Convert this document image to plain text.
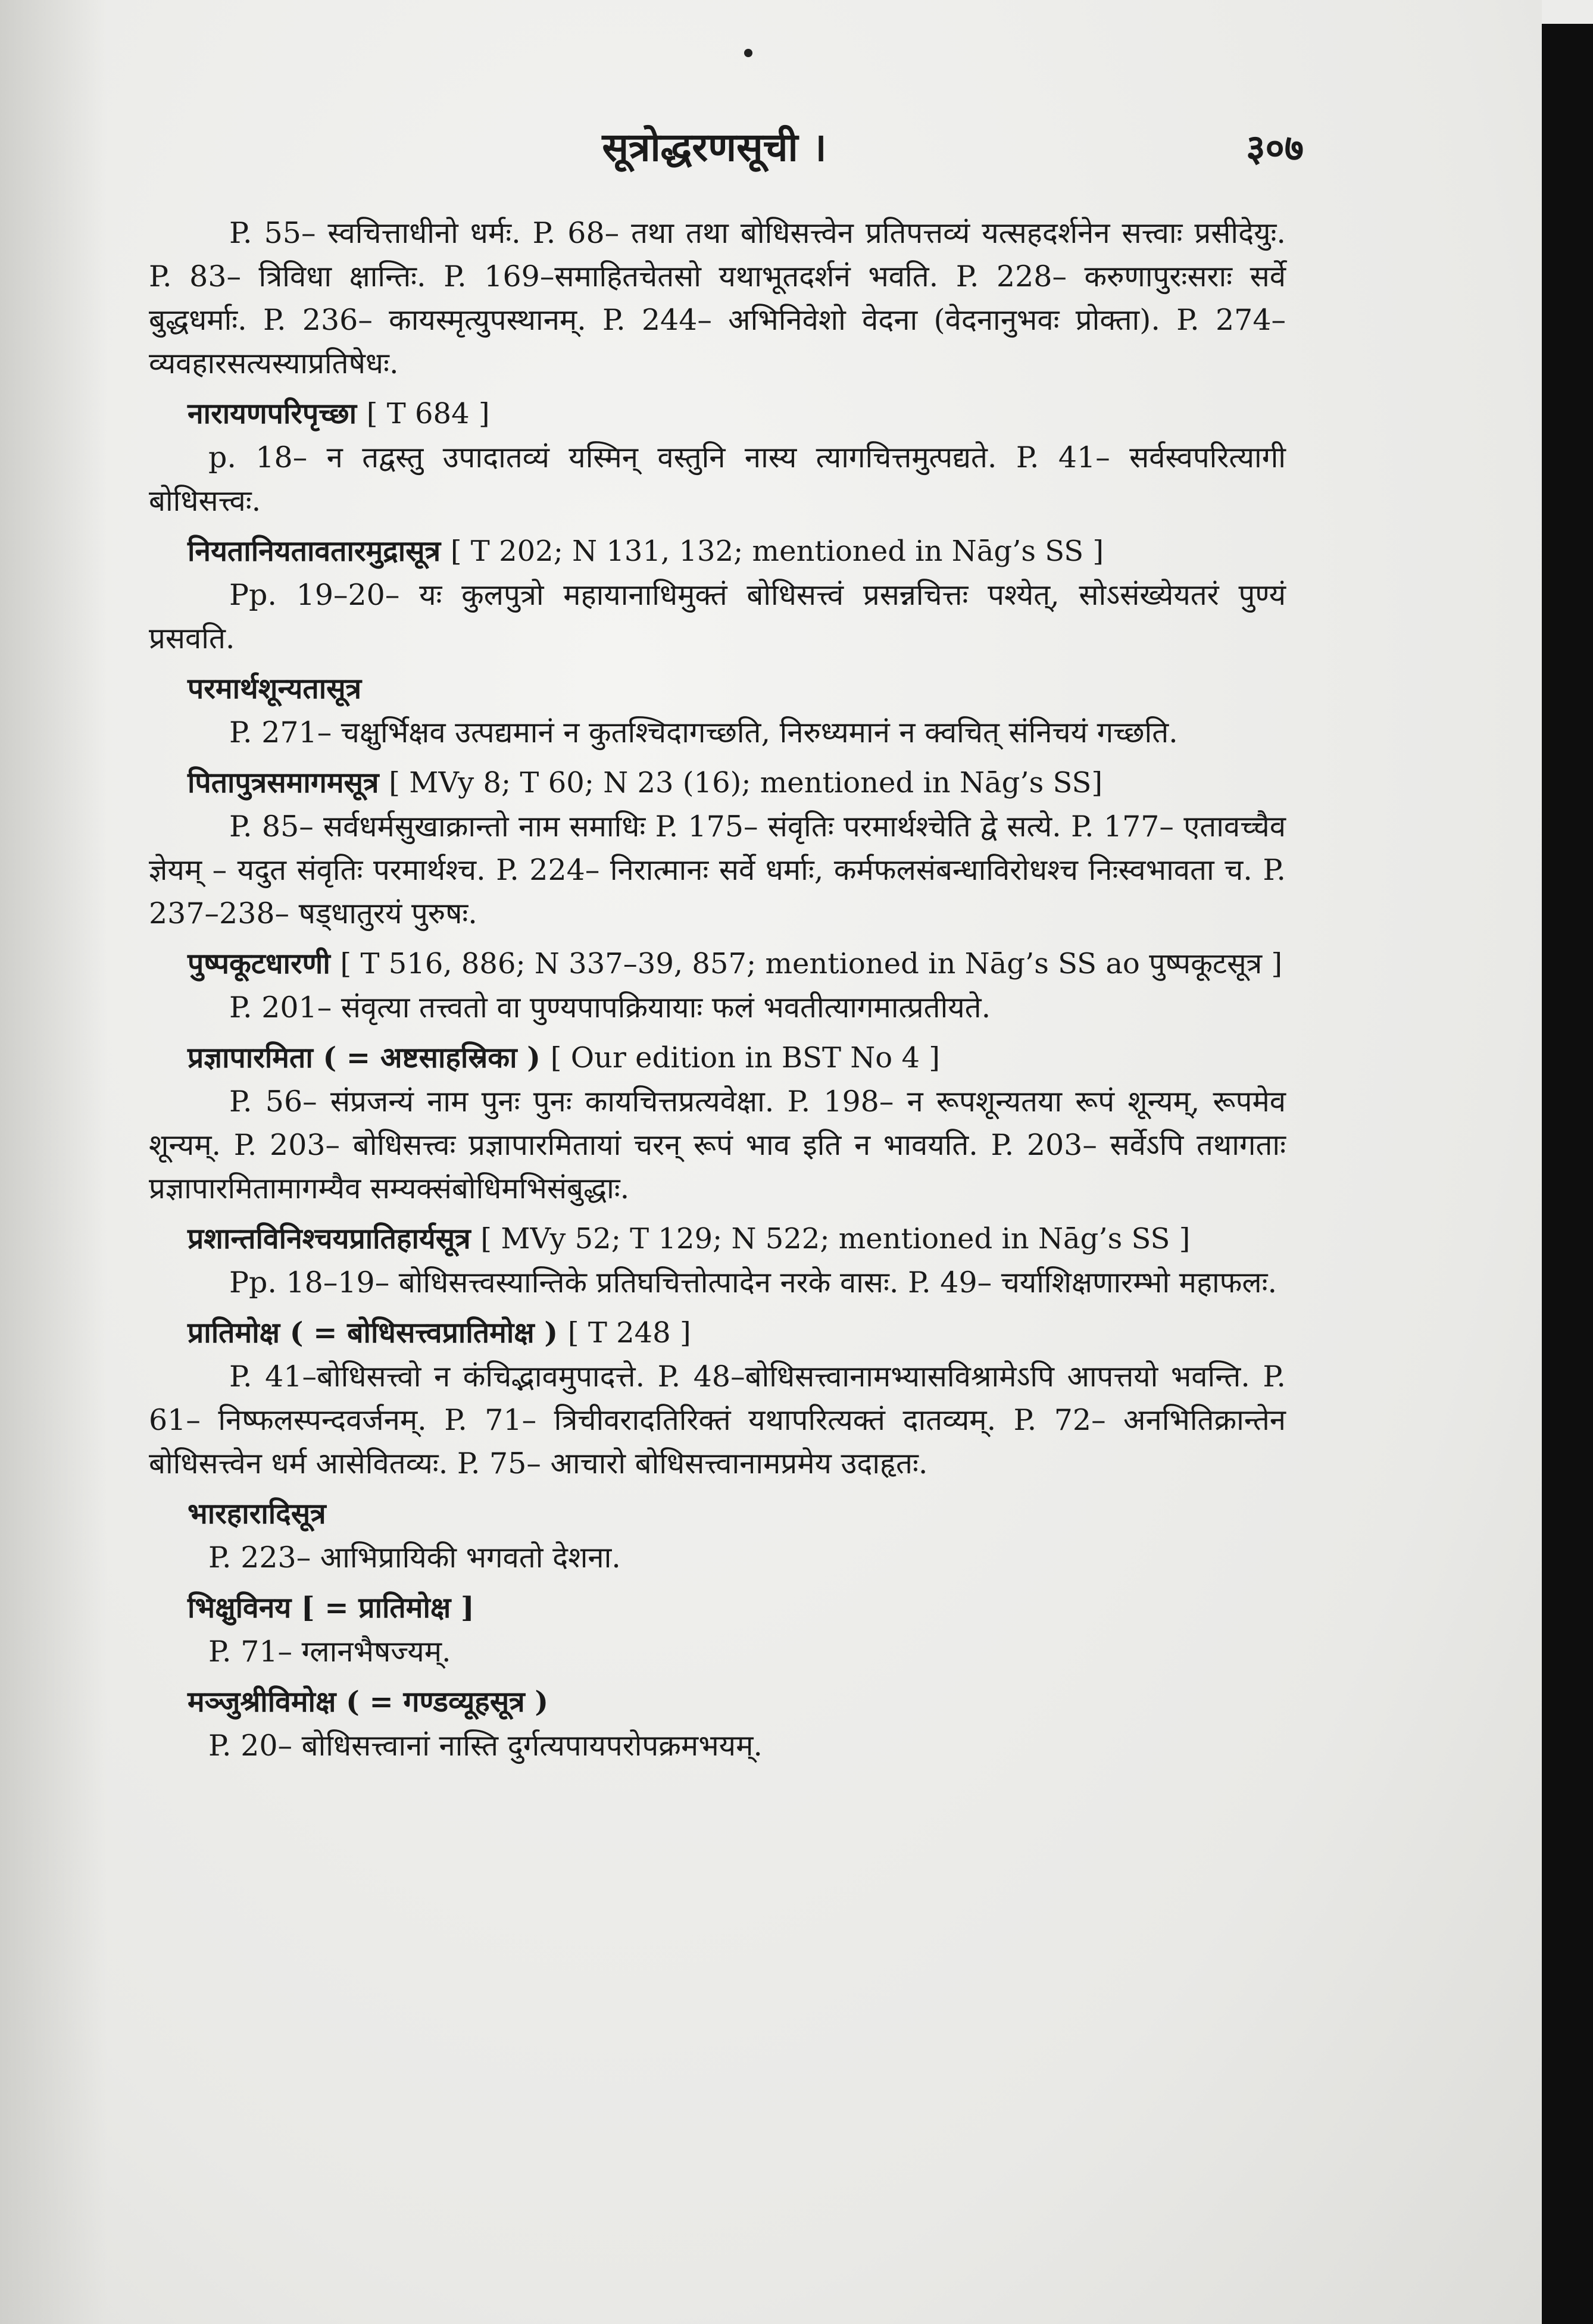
सूत्रोद्धरणसूची ।	३०७
P. 55– स्वचित्ताधीनो धर्मः. P. 68– तथा तथा बोधिसत्त्वेन प्रतिपत्तव्यं यत्सहदर्शनेन सत्त्वाः प्रसीदेयुः. P. 83– त्रिविधा क्षान्तिः. P. 169–समाहितचेतसो यथाभूतदर्शनं भवति. P. 228– करुणापुरःसराः सर्वे बुद्धधर्माः. P. 236– कायस्मृत्युपस्थानम्. P. 244– अभिनिवेशो वेदना (वेदनानुभवः प्रोक्ता). P. 274– व्यवहारसत्यस्याप्रतिषेधः.
नारायणपरिपृच्छा [ T 684 ]
p. 18– न तद्वस्तु उपादातव्यं यस्मिन् वस्तुनि नास्य त्यागचित्तमुत्पद्यते. P. 41– सर्वस्वपरित्यागी बोधिसत्त्वः.
नियतानियतावतारमुद्रासूत्र [ T 202; N 131, 132; mentioned in Nāg’s SS ]
Pp. 19–20– यः कुलपुत्रो महायानाधिमुक्तं बोधिसत्त्वं प्रसन्नचित्तः पश्येत्, सोऽसंख्येयतरं पुण्यं प्रसवति.
परमार्थशून्यतासूत्र
P. 271– चक्षुर्भिक्षव उत्पद्यमानं न कुतश्चिदागच्छति, निरुध्यमानं न क्वचित् संनिचयं गच्छति.
पितापुत्रसमागमसूत्र [ MVy 8; T 60; N 23 (16); mentioned in Nāg’s SS]
P. 85– सर्वधर्मसुखाक्रान्तो नाम समाधिः P. 175– संवृतिः परमार्थश्चेति द्वे सत्ये. P. 177– एतावच्चैव ज्ञेयम् – यदुत संवृतिः परमार्थश्च. P. 224– निरात्मानः सर्वे धर्माः, कर्मफलसंबन्धाविरोधश्च निःस्वभावता च. P. 237–238– षड्धातुरयं पुरुषः.
पुष्पकूटधारणी [ T 516, 886; N 337–39, 857; mentioned in Nāg’s SS ao पुष्पकूटसूत्र ]
P. 201– संवृत्या तत्त्वतो वा पुण्यपापक्रियायाः फलं भवतीत्यागमात्प्रतीयते.
प्रज्ञापारमिता ( = अष्टसाहस्रिका ) [ Our edition in BST No 4 ]
P. 56– संप्रजन्यं नाम पुनः पुनः कायचित्तप्रत्यवेक्षा. P. 198– न रूपशून्यतया रूपं शून्यम्, रूपमेव शून्यम्. P. 203– बोधिसत्त्वः प्रज्ञापारमितायां चरन् रूपं भाव इति न भावयति. P. 203– सर्वेऽपि तथागताः प्रज्ञापारमितामागम्यैव सम्यक्संबोधिमभिसंबुद्धाः.
प्रशान्तविनिश्चयप्रातिहार्यसूत्र [ MVy 52; T 129; N 522; mentioned in Nāg’s SS ]
Pp. 18–19– बोधिसत्त्वस्यान्तिके प्रतिघचित्तोत्पादेन नरके वासः. P. 49– चर्याशिक्षणारम्भो महाफलः.
प्रातिमोक्ष ( = बोधिसत्त्वप्रातिमोक्ष ) [ T 248 ]
P. 41–बोधिसत्त्वो न कंचिद्भावमुपादत्ते. P. 48–बोधिसत्त्वानामभ्यासविश्रामेऽपि आपत्तयो भवन्ति. P. 61– निष्फलस्पन्दवर्जनम्. P. 71– त्रिचीवरादतिरिक्तं यथापरित्यक्तं दातव्यम्. P. 72– अनभितिक्रान्तेन बोधिसत्त्वेन धर्म आसेवितव्यः. P. 75– आचारो बोधिसत्त्वानामप्रमेय उदाहृतः.
भारहारादिसूत्र
P. 223– आभिप्रायिकी भगवतो देशना.
भिक्षुविनय [ = प्रातिमोक्ष ]
P. 71– ग्लानभैषज्यम्.
मञ्जुश्रीविमोक्ष ( = गण्डव्यूहसूत्र )
P. 20– बोधिसत्त्वानां नास्ति दुर्गत्यपायपरोपक्रमभयम्.
